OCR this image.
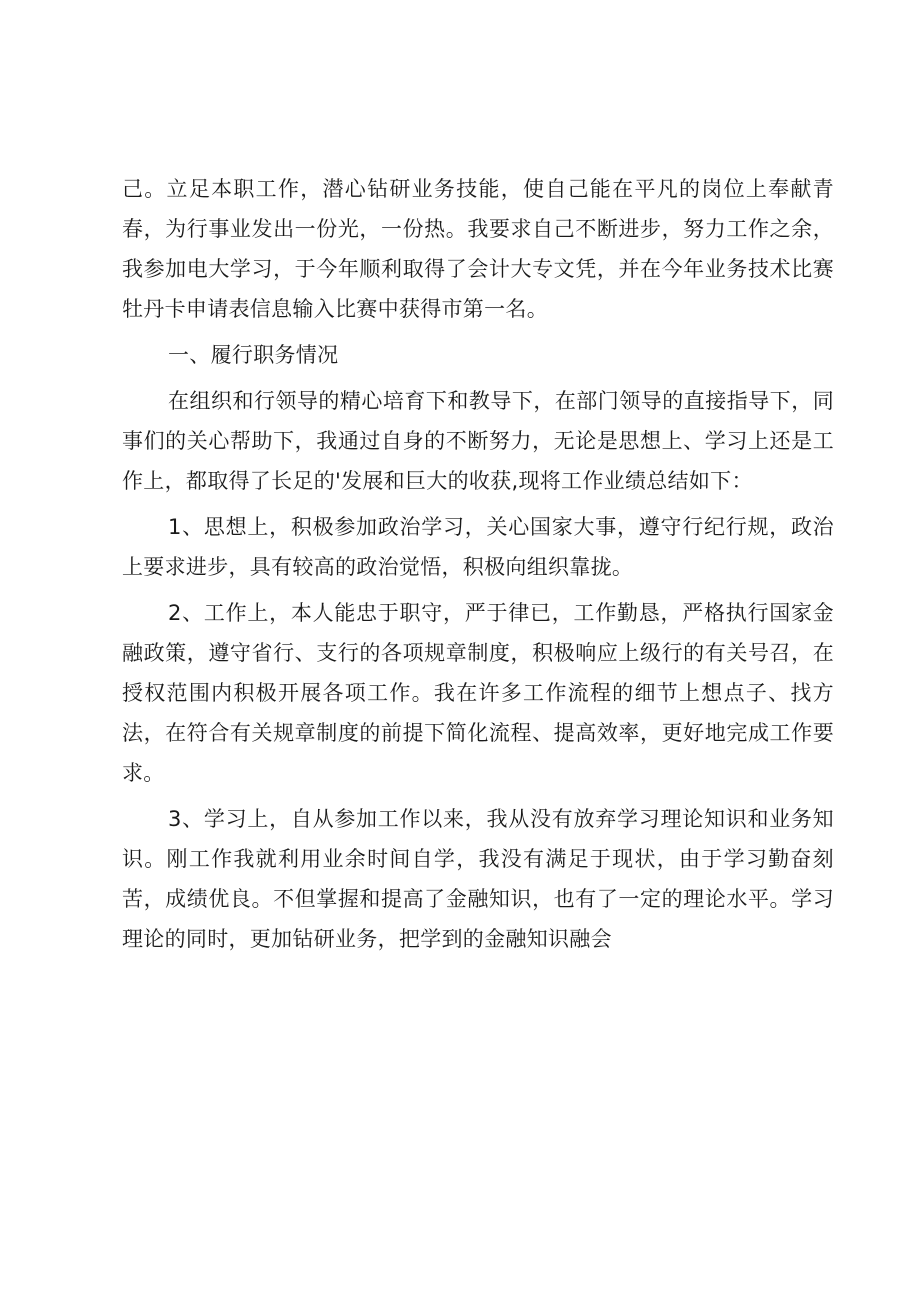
己。立足本职工作，潜心钻研业务技能，使自己能在平凡的岗位上奉献青春，为行事业发出一份光，一份热。我要求自己不断进步，努力工作之余，我参加电大学习，于今年顺利取得了会计大专文凭，并在今年业务技术比赛牡丹卡申请表信息输入比赛中获得市第一名。

一、履行职务情况

在组织和行领导的精心培育下和教导下，在部门领导的直接指导下，同事们的关心帮助下，我通过自身的不断努力，无论是思想上、学习上还是工作上，都取得了长足的'发展和巨大的收获,现将工作业绩总结如下：

1、思想上，积极参加政治学习，关心国家大事，遵守行纪行规，政治上要求进步，具有较高的政治觉悟，积极向组织靠拢。

2、工作上，本人能忠于职守，严于律已，工作勤恳，严格执行国家金融政策，遵守省行、支行的各项规章制度，积极响应上级行的有关号召，在授权范围内积极开展各项工作。我在许多工作流程的细节上想点子、找方法，在符合有关规章制度的前提下简化流程、提高效率，更好地完成工作要求。

3、学习上，自从参加工作以来，我从没有放弃学习理论知识和业务知识。刚工作我就利用业余时间自学，我没有满足于现状，由于学习勤奋刻苦，成绩优良。不但掌握和提高了金融知识，也有了一定的理论水平。学习理论的同时，更加钻研业务，把学到的金融知识融会
